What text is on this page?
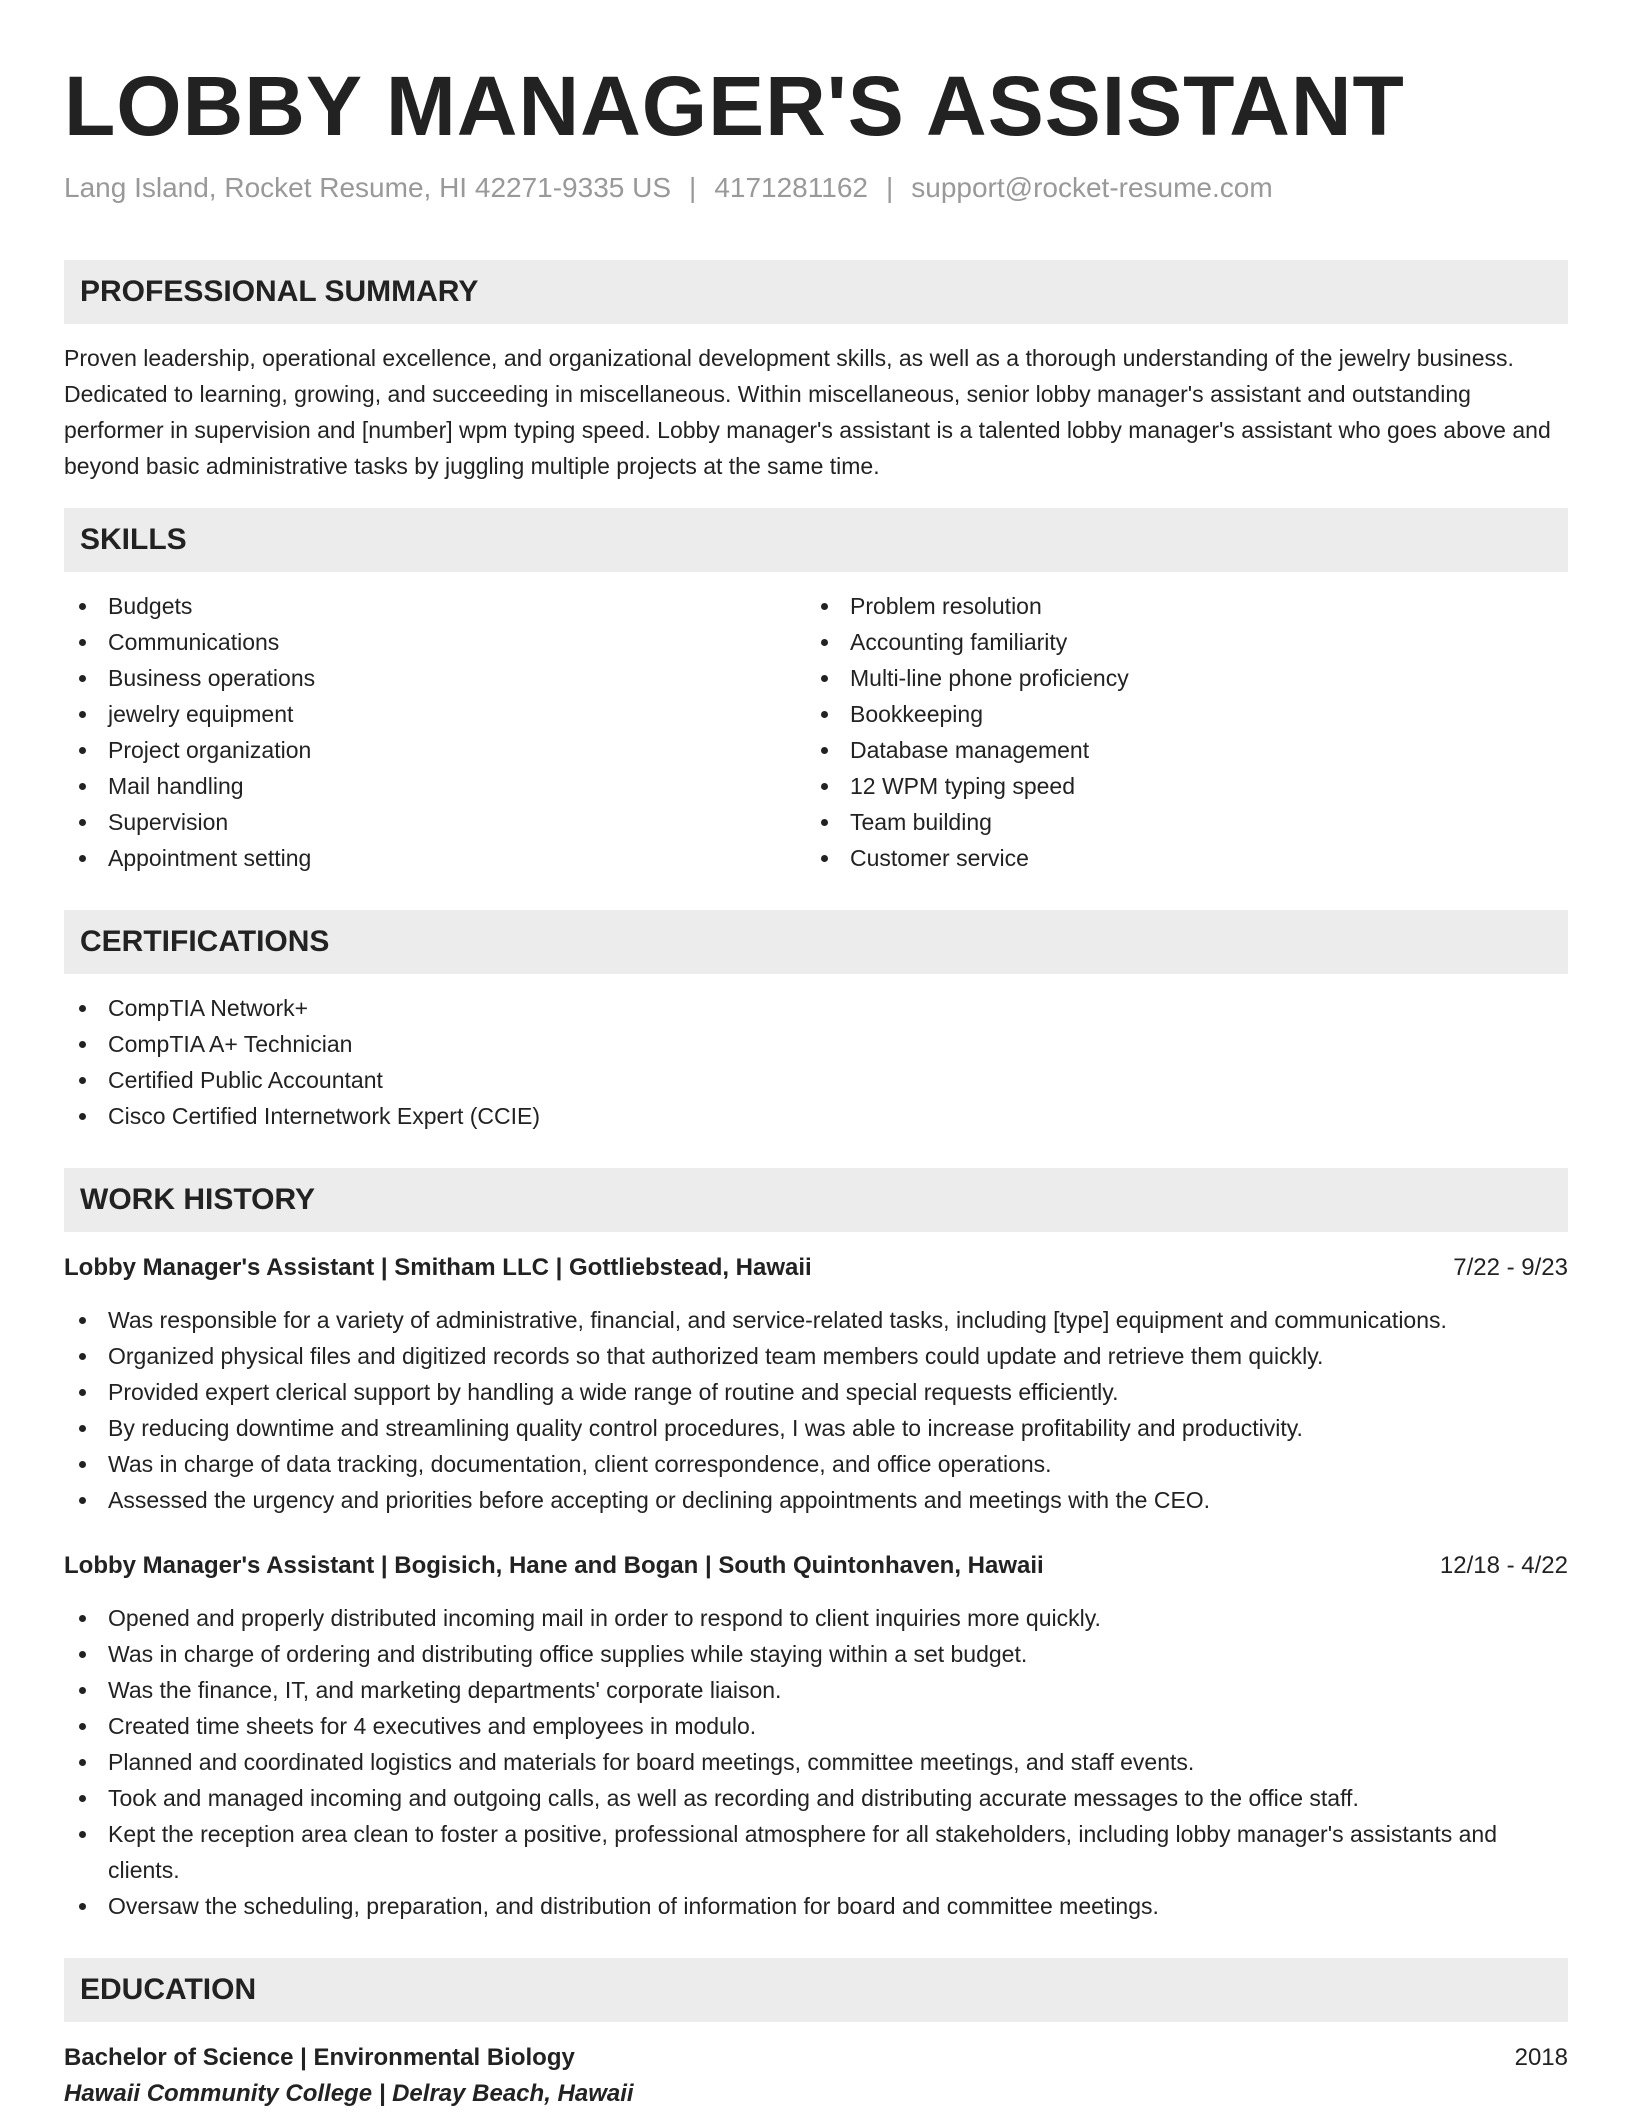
LOBBY MANAGER'S ASSISTANT
Lang Island, Rocket Resume, HI 42271-9335 US | 4171281162 | support@rocket-resume.com
PROFESSIONAL SUMMARY

Proven leadership, operational excellence, and organizational development skills, as well as a thorough understanding of the jewelry business. Dedicated to learning, growing, and succeeding in miscellaneous. Within miscellaneous, senior lobby manager's assistant and outstanding performer in supervision and [number] wpm typing speed. Lobby manager's assistant is a talented lobby manager's assistant who goes above and beyond basic administrative tasks by juggling multiple projects at the same time.

SKILLS
Budgets
Communications
Business operations
jewelry equipment
Project organization
Mail handling
Supervision
Appointment setting
Problem resolution
Accounting familiarity
Multi-line phone proficiency
Bookkeeping
Database management
12 WPM typing speed
Team building
Customer service
CERTIFICATIONS
CompTIA Network+
CompTIA A+ Technician
Certified Public Accountant
Cisco Certified Internetwork Expert (CCIE)
WORK HISTORY
Lobby Manager's Assistant | Smitham LLC | Gottliebstead, Hawaii	7/22 - 9/23
Was responsible for a variety of administrative, financial, and service-related tasks, including [type] equipment and communications.
Organized physical files and digitized records so that authorized team members could update and retrieve them quickly.
Provided expert clerical support by handling a wide range of routine and special requests efficiently.
By reducing downtime and streamlining quality control procedures, I was able to increase profitability and productivity.
Was in charge of data tracking, documentation, client correspondence, and office operations.
Assessed the urgency and priorities before accepting or declining appointments and meetings with the CEO.
Lobby Manager's Assistant | Bogisich, Hane and Bogan | South Quintonhaven, Hawaii	12/18 - 4/22
Opened and properly distributed incoming mail in order to respond to client inquiries more quickly.
Was in charge of ordering and distributing office supplies while staying within a set budget.
Was the finance, IT, and marketing departments' corporate liaison.
Created time sheets for 4 executives and employees in modulo.
Planned and coordinated logistics and materials for board meetings, committee meetings, and staff events.
Took and managed incoming and outgoing calls, as well as recording and distributing accurate messages to the office staff.
Kept the reception area clean to foster a positive, professional atmosphere for all stakeholders, including lobby manager's assistants and clients.
Oversaw the scheduling, preparation, and distribution of information for board and committee meetings.
EDUCATION
Bachelor of Science | Environmental Biology	2018
Hawaii Community College | Delray Beach, Hawaii
